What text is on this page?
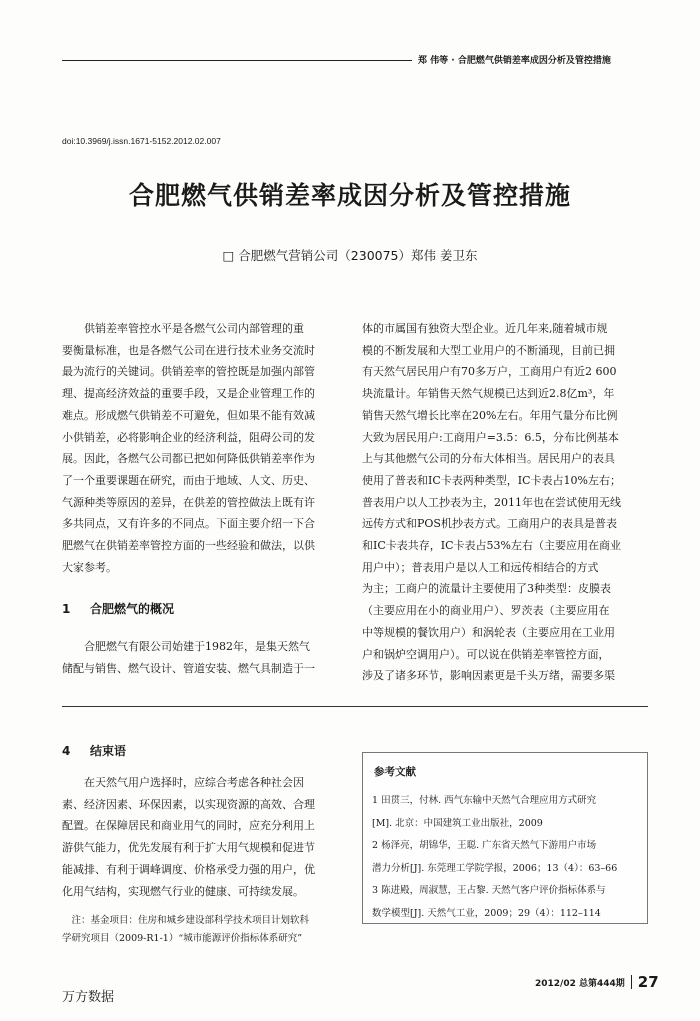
郑 伟等 · 合肥燃气供销差率成因分析及管控措施
doi:10.3969/j.issn.1671-5152.2012.02.007
合肥燃气供销差率成因分析及管控措施
□ 合肥燃气营销公司（230075）郑伟 姜卫东

供销差率管控水平是各燃气公司内部管理的重

要衡量标准，也是各燃气公司在进行技术业务交流时

最为流行的关键词。供销差率的管控既是加强内部管

理、提高经济效益的重要手段，又是企业管理工作的

难点。形成燃气供销差不可避免，但如果不能有效减

小供销差，必将影响企业的经济利益，阻碍公司的发

展。因此，各燃气公司都已把如何降低供销差率作为

了一个重要课题在研究，而由于地域、人文、历史、

气源种类等原因的差异，在供差的管控做法上既有许

多共同点，又有许多的不同点。下面主要介绍一下合

肥燃气在供销差率管控方面的一些经验和做法，以供

大家参考。

1 合肥燃气的概况

合肥燃气有限公司始建于1982年，是集天然气

储配与销售、燃气设计、管道安装、燃气具制造于一

体的市属国有独资大型企业。近几年来,随着城市规

模的不断发展和大型工业用户的不断涌现，目前已拥

有天然气居民用户有70多万户，工商用户有近2 600

块流量计。年销售天然气规模已达到近2.8亿m³，年

销售天然气增长比率在20%左右。年用气量分布比例

大致为居民用户:工商用户=3.5：6.5，分布比例基本

上与其他燃气公司的分布大体相当。居民用户的表具

使用了普表和IC卡表两种类型，IC卡表占10%左右；

普表用户以人工抄表为主，2011年也在尝试使用无线

远传方式和POS机抄表方式。工商用户的表具是普表

和IC卡表共存，IC卡表占53%左右（主要应用在商业

用户中）；普表用户是以人工和远传相结合的方式

为主；工商户的流量计主要使用了3种类型：皮膜表

（主要应用在小的商业用户）、罗茨表（主要应用在

中等规模的餐饮用户）和涡轮表（主要应用在工业用

户和锅炉空调用户）。可以说在供销差率管控方面，

涉及了诸多环节，影响因素更是千头万绪，需要多渠

4 结束语

在天然气用户选择时，应综合考虑各种社会因

素、经济因素、环保因素，以实现资源的高效、合理

配置。在保障居民和商业用气的同时，应充分利用上

游供气能力，优先发展有利于扩大用气规模和促进节

能减排、有利于调峰调度、价格承受力强的用户，优

化用气结构，实现燃气行业的健康、可持续发展。

注：基金项目：住房和城乡建设部科学技术项目计划软科
学研究项目（2009-R1-1）“城市能源评价指标体系研究”
参考文献
1 田贯三，付林. 西气东输中天然气合理应用方式研究
[M]. 北京：中国建筑工业出版社，2009
2 杨泽亮，胡锦华，王聪. 广东省天然气下游用户市场
潜力分析[J]. 东莞理工学院学报，2006；13（4）：63–66
3 陈进殿，周淑慧，王占黎. 天然气客户评价指标体系与
数学模型[J]. 天然气工业，2009；29（4）：112–114
2012/02 总第444期 27
万方数据
